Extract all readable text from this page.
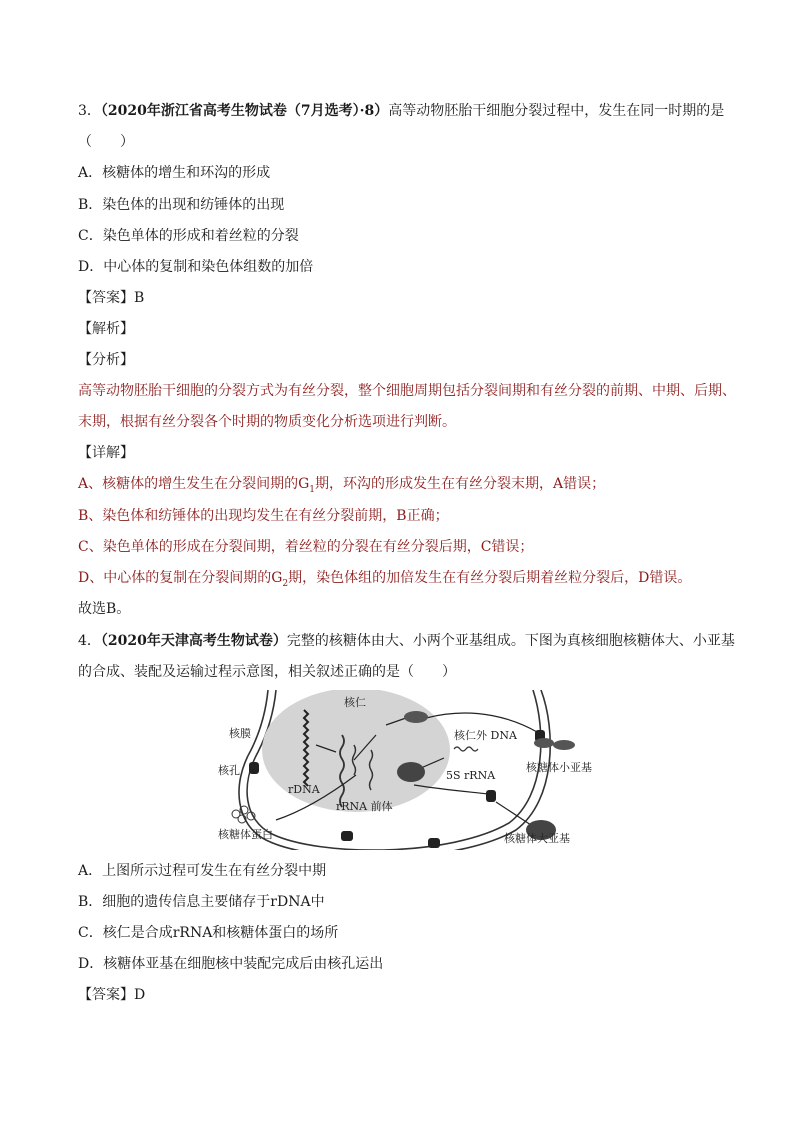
3．（2020年浙江省高考生物试卷（7月选考）·8）高等动物胚胎干细胞分裂过程中，发生在同一时期的是
（　　）
A．核糖体的增生和环沟的形成
B．染色体的出现和纺锤体的出现
C．染色单体的形成和着丝粒的分裂
D．中心体的复制和染色体组数的加倍
【答案】B
【解析】
【分析】
高等动物胚胎干细胞的分裂方式为有丝分裂，整个细胞周期包括分裂间期和有丝分裂的前期、中期、后期、
末期，根据有丝分裂各个时期的物质变化分析选项进行判断。
【详解】
A、核糖体的增生发生在分裂间期的$G_1$期，环沟的形成发生在有丝分裂末期，A错误；
B、染色体和纺锤体的出现均发生在有丝分裂前期，B正确；
C、染色单体的形成在分裂间期，着丝粒的分裂在有丝分裂后期，C错误；
D、中心体的复制在分裂间期的$G_2$期，染色体组的加倍发生在有丝分裂后期着丝粒分裂后，D错误。
故选B。
4．（2020年天津高考生物试卷）完整的核糖体由大、小两个亚基组成。下图为真核细胞核糖体大、小亚基
的合成、装配及运输过程示意图，相关叙述正确的是（　　）
核膜
核仁
核孔
rDNA
rRNA 前体
核仁外 DNA
5S rRNA
核糖体小亚基
核糖体大亚基
核糖体蛋白
A．上图所示过程可发生在有丝分裂中期
B．细胞的遗传信息主要储存于rDNA中
C．核仁是合成rRNA和核糖体蛋白的场所
D．核糖体亚基在细胞核中装配完成后由核孔运出
【答案】D
